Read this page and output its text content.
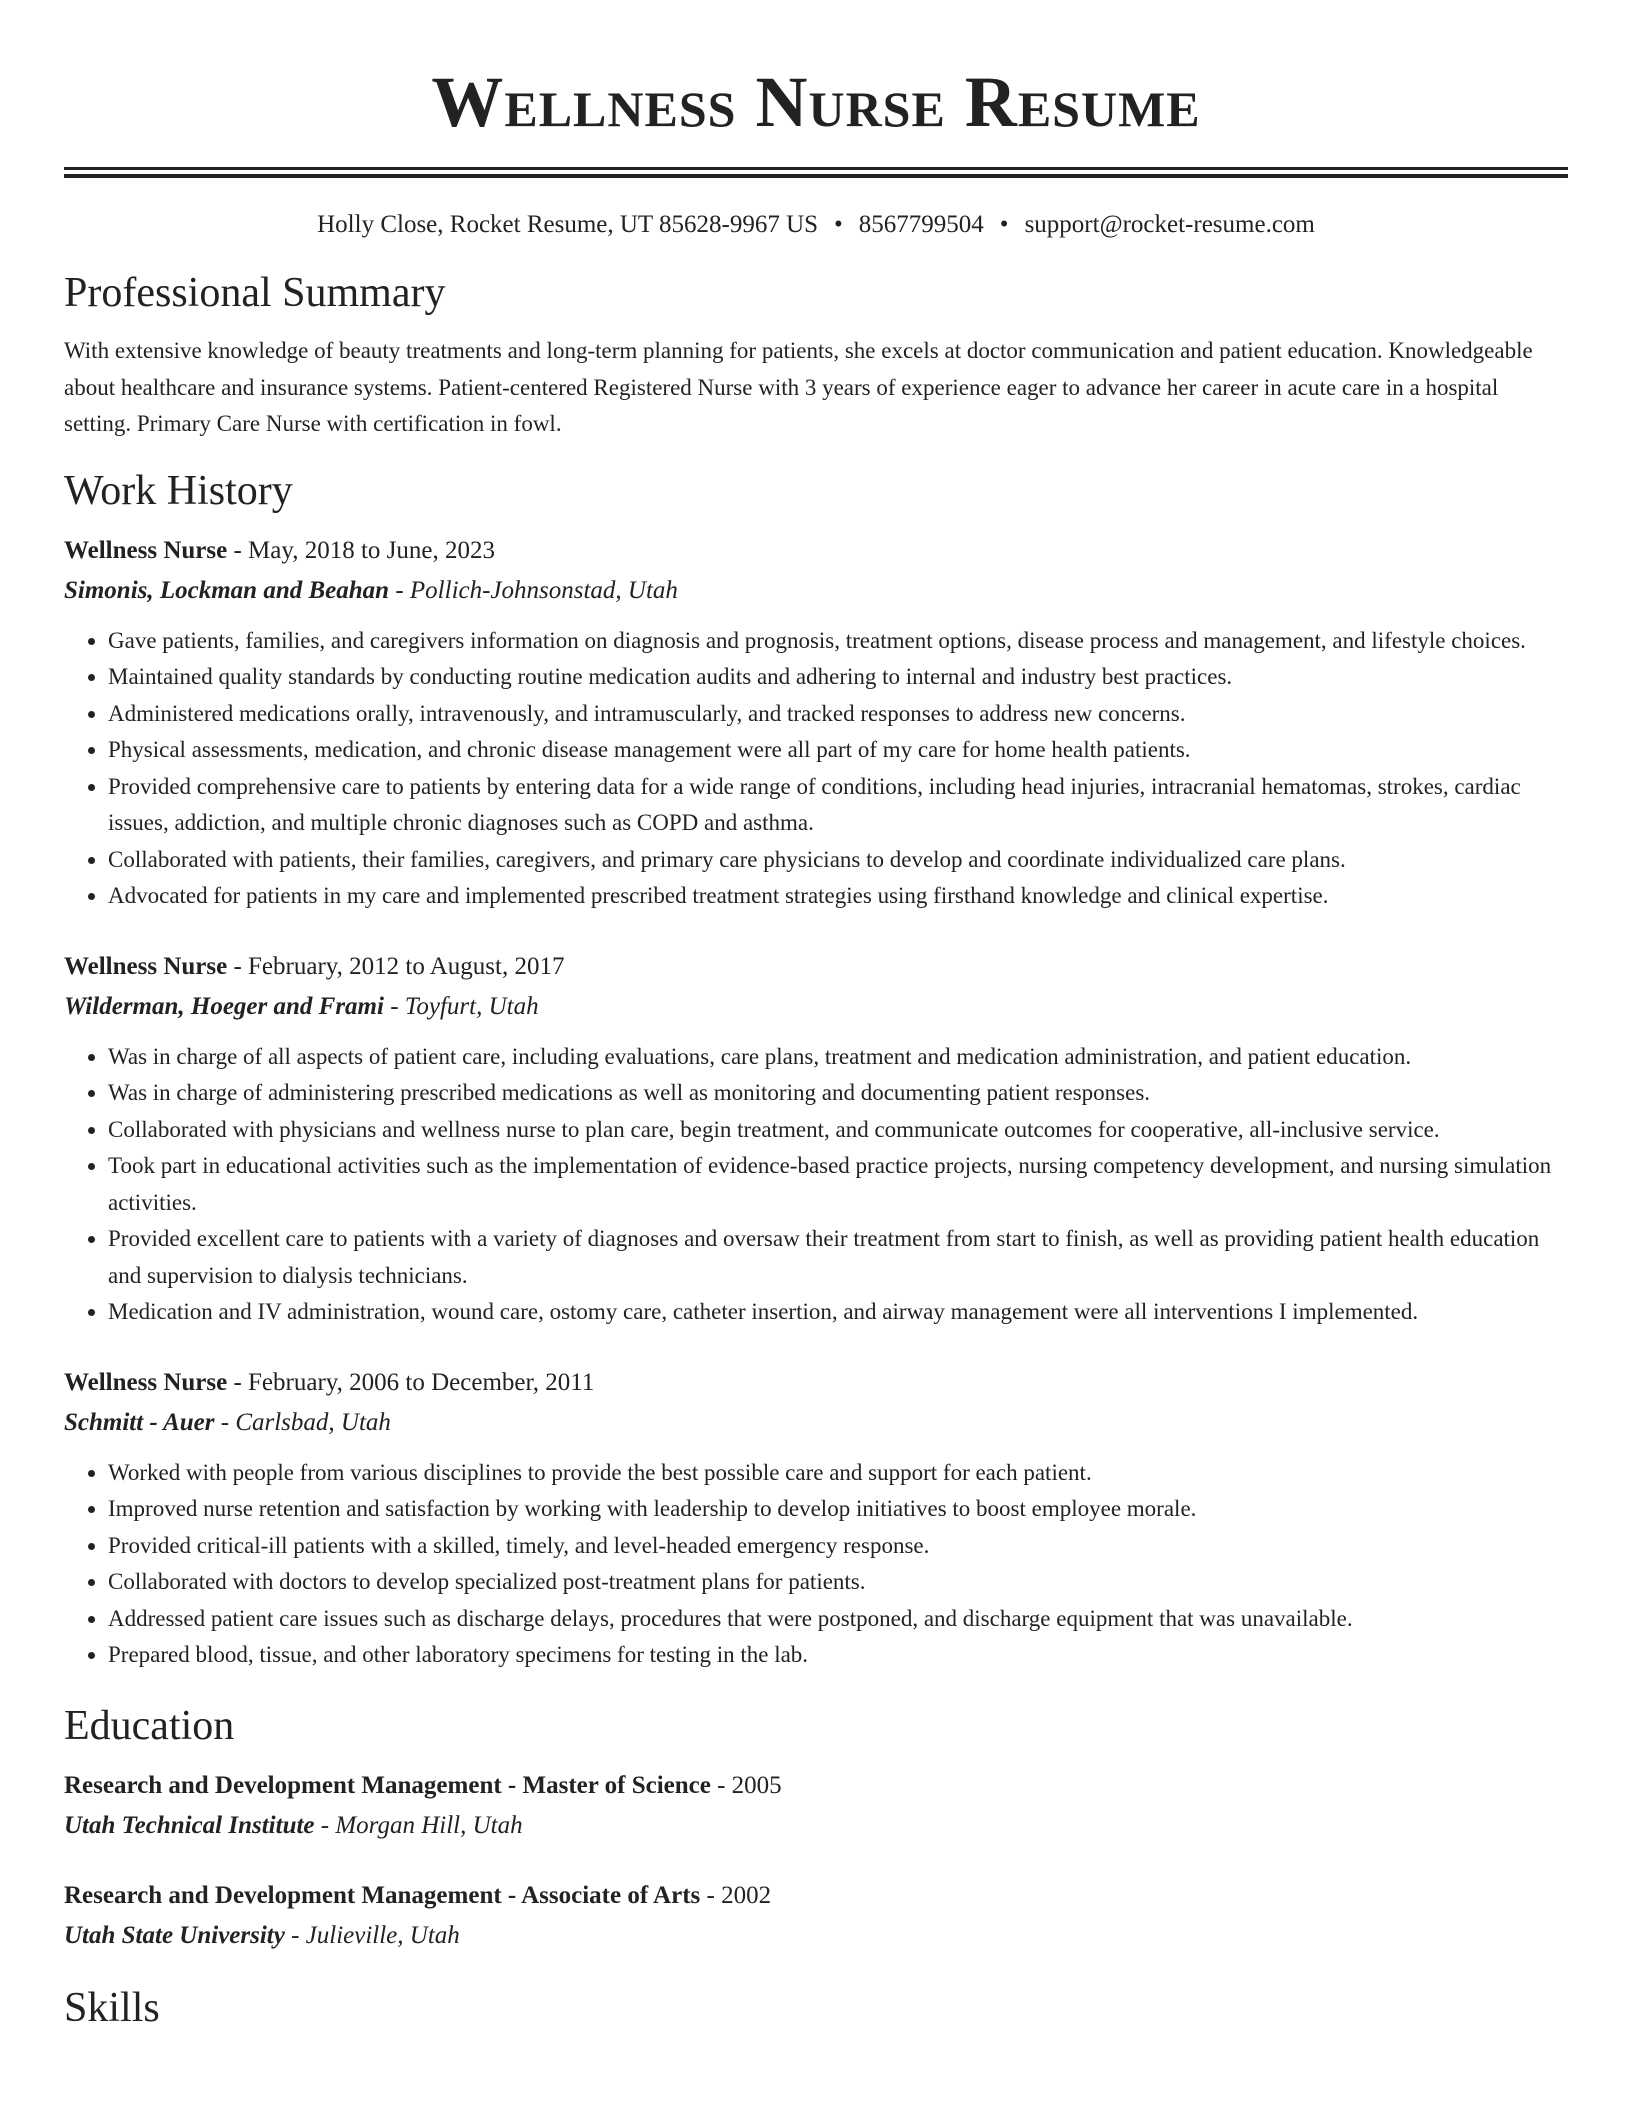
Wellness Nurse Resume
Holly Close, Rocket Resume, UT 85628-9967 US • 8567799504 • support@rocket-resume.com
Professional Summary
With extensive knowledge of beauty treatments and long-term planning for patients, she excels at doctor communication and patient education. Knowledgeable about healthcare and insurance systems. Patient-centered Registered Nurse with 3 years of experience eager to advance her career in acute care in a hospital setting. Primary Care Nurse with certification in fowl.
Work History
Wellness Nurse - May, 2018 to June, 2023
Simonis, Lockman and Beahan - Pollich-Johnsonstad, Utah
• Gave patients, families, and caregivers information on diagnosis and prognosis, treatment options, disease process and management, and lifestyle choices.
• Maintained quality standards by conducting routine medication audits and adhering to internal and industry best practices.
• Administered medications orally, intravenously, and intramuscularly, and tracked responses to address new concerns.
• Physical assessments, medication, and chronic disease management were all part of my care for home health patients.
• Provided comprehensive care to patients by entering data for a wide range of conditions, including head injuries, intracranial hematomas, strokes, cardiac issues, addiction, and multiple chronic diagnoses such as COPD and asthma.
• Collaborated with patients, their families, caregivers, and primary care physicians to develop and coordinate individualized care plans.
• Advocated for patients in my care and implemented prescribed treatment strategies using firsthand knowledge and clinical expertise.
Wellness Nurse - February, 2012 to August, 2017
Wilderman, Hoeger and Frami - Toyfurt, Utah
• Was in charge of all aspects of patient care, including evaluations, care plans, treatment and medication administration, and patient education.
• Was in charge of administering prescribed medications as well as monitoring and documenting patient responses.
• Collaborated with physicians and wellness nurse to plan care, begin treatment, and communicate outcomes for cooperative, all-inclusive service.
• Took part in educational activities such as the implementation of evidence-based practice projects, nursing competency development, and nursing simulation activities.
• Provided excellent care to patients with a variety of diagnoses and oversaw their treatment from start to finish, as well as providing patient health education and supervision to dialysis technicians.
• Medication and IV administration, wound care, ostomy care, catheter insertion, and airway management were all interventions I implemented.
Wellness Nurse - February, 2006 to December, 2011
Schmitt - Auer - Carlsbad, Utah
• Worked with people from various disciplines to provide the best possible care and support for each patient.
• Improved nurse retention and satisfaction by working with leadership to develop initiatives to boost employee morale.
• Provided critical-ill patients with a skilled, timely, and level-headed emergency response.
• Collaborated with doctors to develop specialized post-treatment plans for patients.
• Addressed patient care issues such as discharge delays, procedures that were postponed, and discharge equipment that was unavailable.
• Prepared blood, tissue, and other laboratory specimens for testing in the lab.
Education
Research and Development Management - Master of Science - 2005
Utah Technical Institute - Morgan Hill, Utah
Research and Development Management - Associate of Arts - 2002
Utah State University - Julieville, Utah
Skills
